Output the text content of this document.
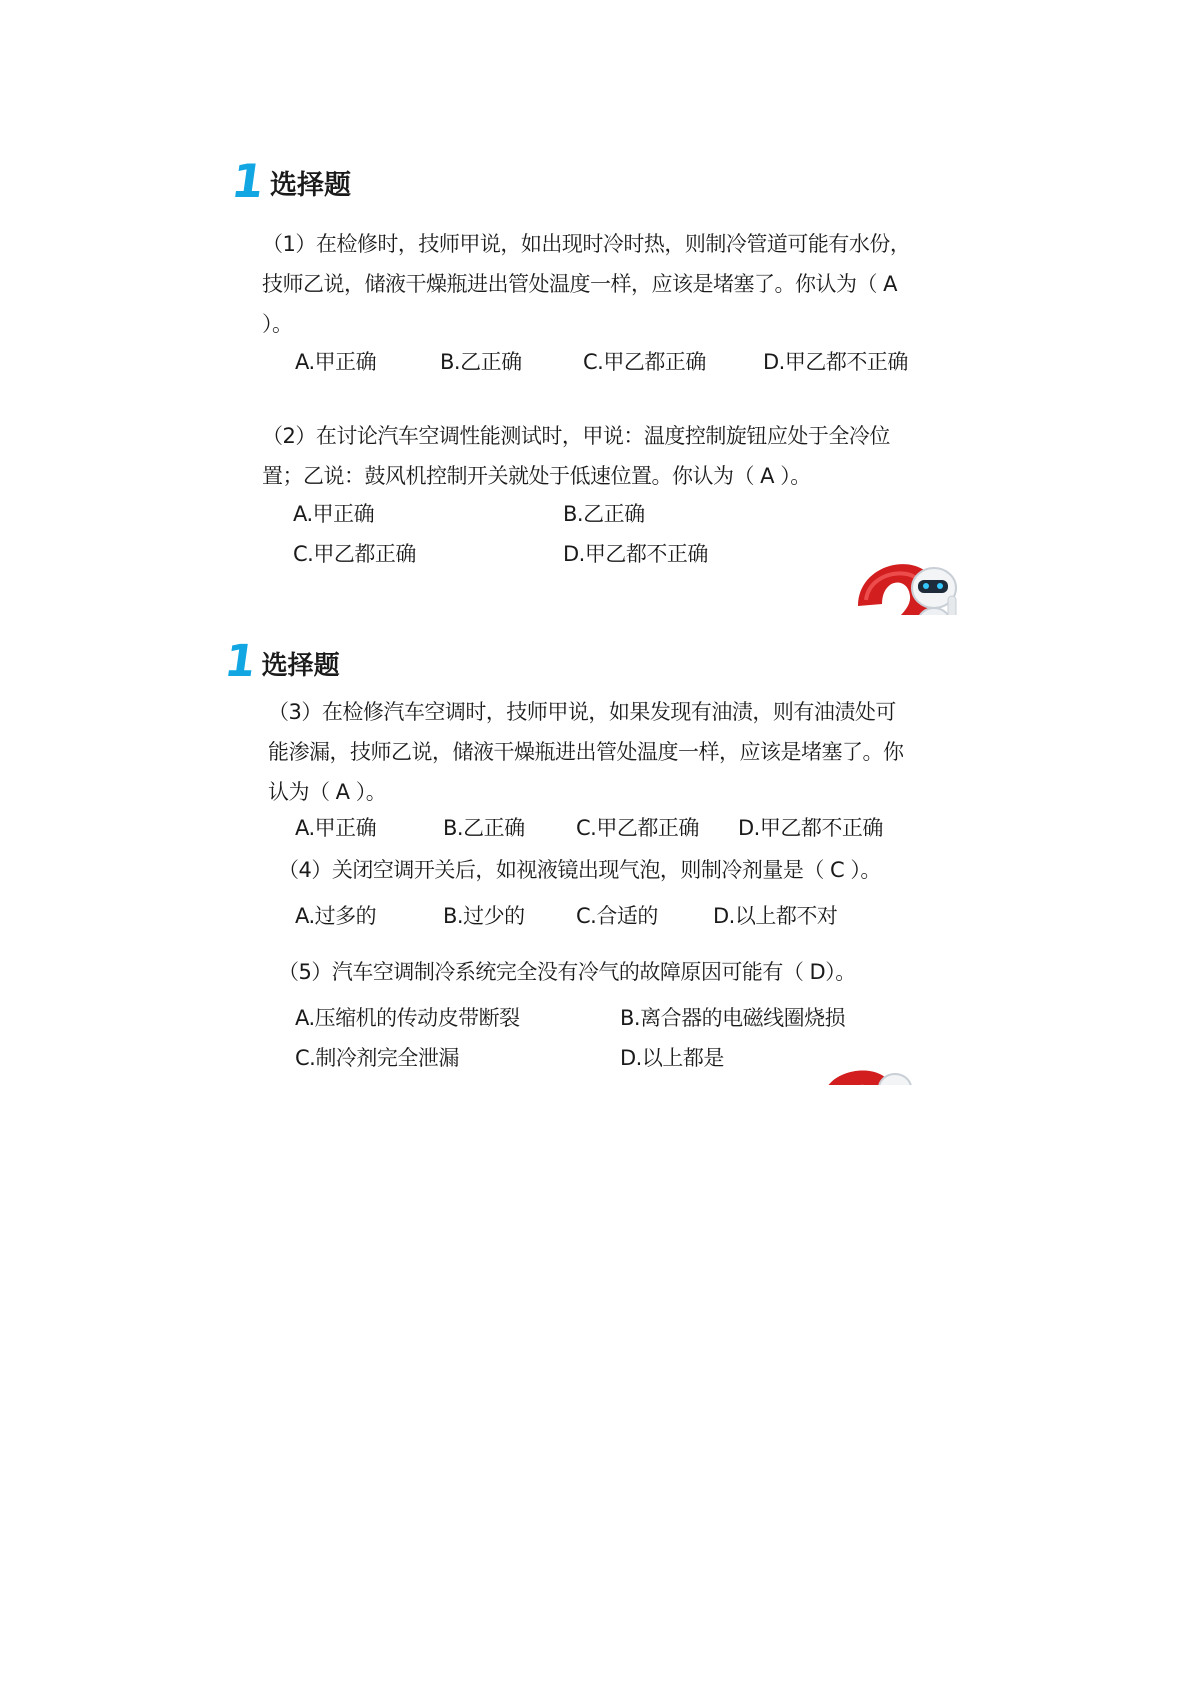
1 选择题
（1）在检修时，技师甲说，如出现时冷时热，则制冷管道可能有水份，技师乙说，储液干燥瓶进出管处温度一样，应该是堵塞了。你认为（ A ）。
A.甲正确	B.乙正确	C.甲乙都正确	D.甲乙都不正确
（2）在讨论汽车空调性能测试时，甲说：温度控制旋钮应处于全冷位置；乙说：鼓风机控制开关就处于低速位置。你认为（ A ）。
A.甲正确	B.乙正确
C.甲乙都正确	D.甲乙都不正确
1 选择题
（3）在检修汽车空调时，技师甲说，如果发现有油渍，则有油渍处可能渗漏，技师乙说，储液干燥瓶进出管处温度一样，应该是堵塞了。你认为（ A ）。
A.甲正确	B.乙正确 C.甲乙都正确 D.甲乙都不正确
（4）关闭空调开关后，如视液镜出现气泡，则制冷剂量是（ C ）。
A.过多的	B.过少的 C.合适的	D.以上都不对
（5）汽车空调制冷系统完全没有冷气的故障原因可能有（ D）。
A.压缩机的传动皮带断裂	B.离合器的电磁线圈烧损
C.制冷剂完全泄漏	D.以上都是
